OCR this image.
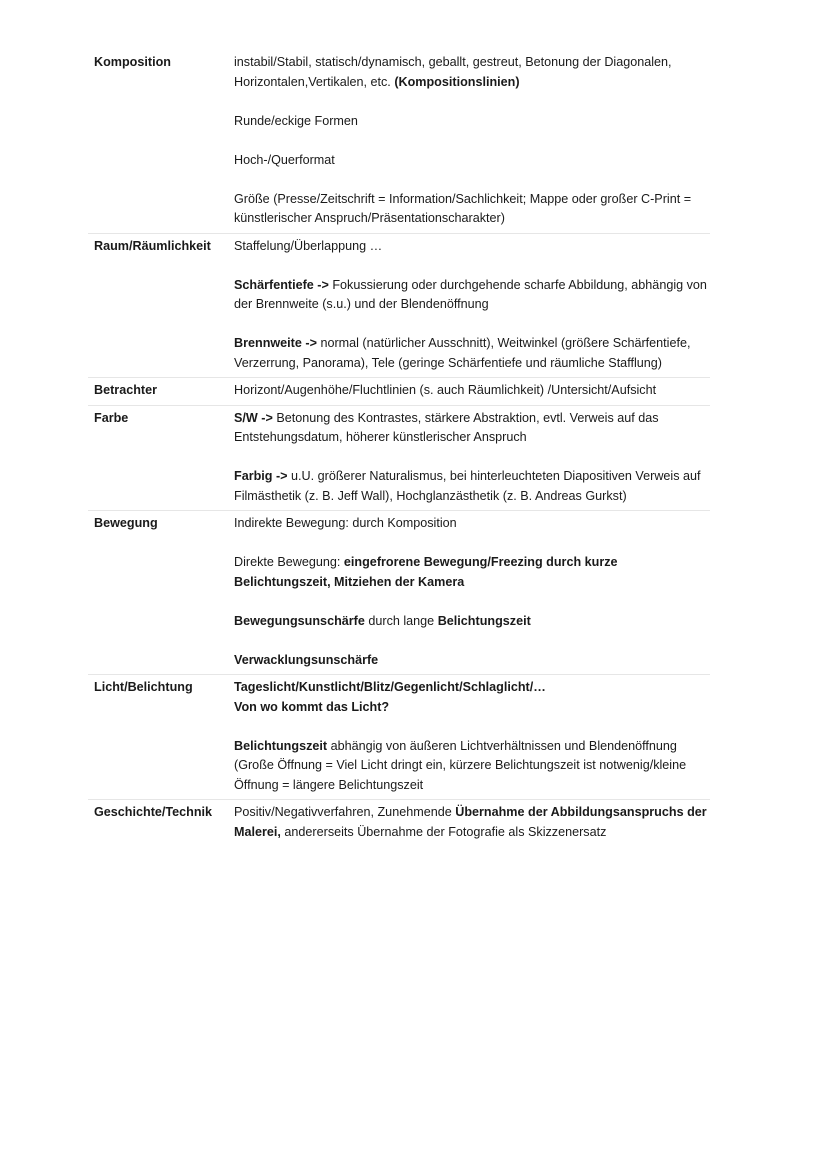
Komposition	instabil/Stabil, statisch/dynamisch, geballt, gestreut, Betonung der Diagonalen, Horizontalen,Vertikalen, etc. (Kompositionslinien)

Runde/eckige Formen

Hoch-/Querformat

Größe (Presse/Zeitschrift = Information/Sachlichkeit; Mappe oder großer C-Print = künstlerischer Anspruch/Präsentationscharakter)

Raum/Räumlichkeit	Staffelung/Überlappung …

Schärfentiefe -> Fokussierung oder durchgehende scharfe Abbildung, abhängig von der Brennweite (s.u.) und der Blendenöffnung

Brennweite -> normal (natürlicher Ausschnitt), Weitwinkel (größere Schärfentiefe, Verzerrung, Panorama), Tele (geringe Schärfentiefe und räumliche Stafflung)

Betrachter	Horizont/Augenhöhe/Fluchtlinien (s. auch Räumlichkeit) /Untersicht/Aufsicht

Farbe	S/W -> Betonung des Kontrastes, stärkere Abstraktion, evtl. Verweis auf das Entstehungsdatum, höherer künstlerischer Anspruch

Farbig -> u.U. größerer Naturalismus, bei hinterleuchteten Diapositiven Verweis auf Filmästhetik (z. B. Jeff Wall), Hochglanzästhetik (z. B. Andreas Gurkst)

Bewegung	Indirekte Bewegung: durch Komposition

Direkte Bewegung: eingefrorene Bewegung/Freezing durch kurze Belichtungszeit, Mitziehen der Kamera

Bewegungsunschärfe durch lange Belichtungszeit

Verwacklungsunschärfe

Licht/Belichtung	Tageslicht/Kunstlicht/Blitz/Gegenlicht/Schlaglicht/…
Von wo kommt das Licht?

Belichtungszeit abhängig von äußeren Lichtverhältnissen und Blendenöffnung (Große Öffnung = Viel Licht dringt ein, kürzere Belichtungszeit ist notwenig/kleine Öffnung = längere Belichtungszeit

Geschichte/Technik	Positiv/Negativverfahren, Zunehmende Übernahme der Abbildungsanspruchs der Malerei, andererseits Übernahme der Fotografie als Skizzenersatz
